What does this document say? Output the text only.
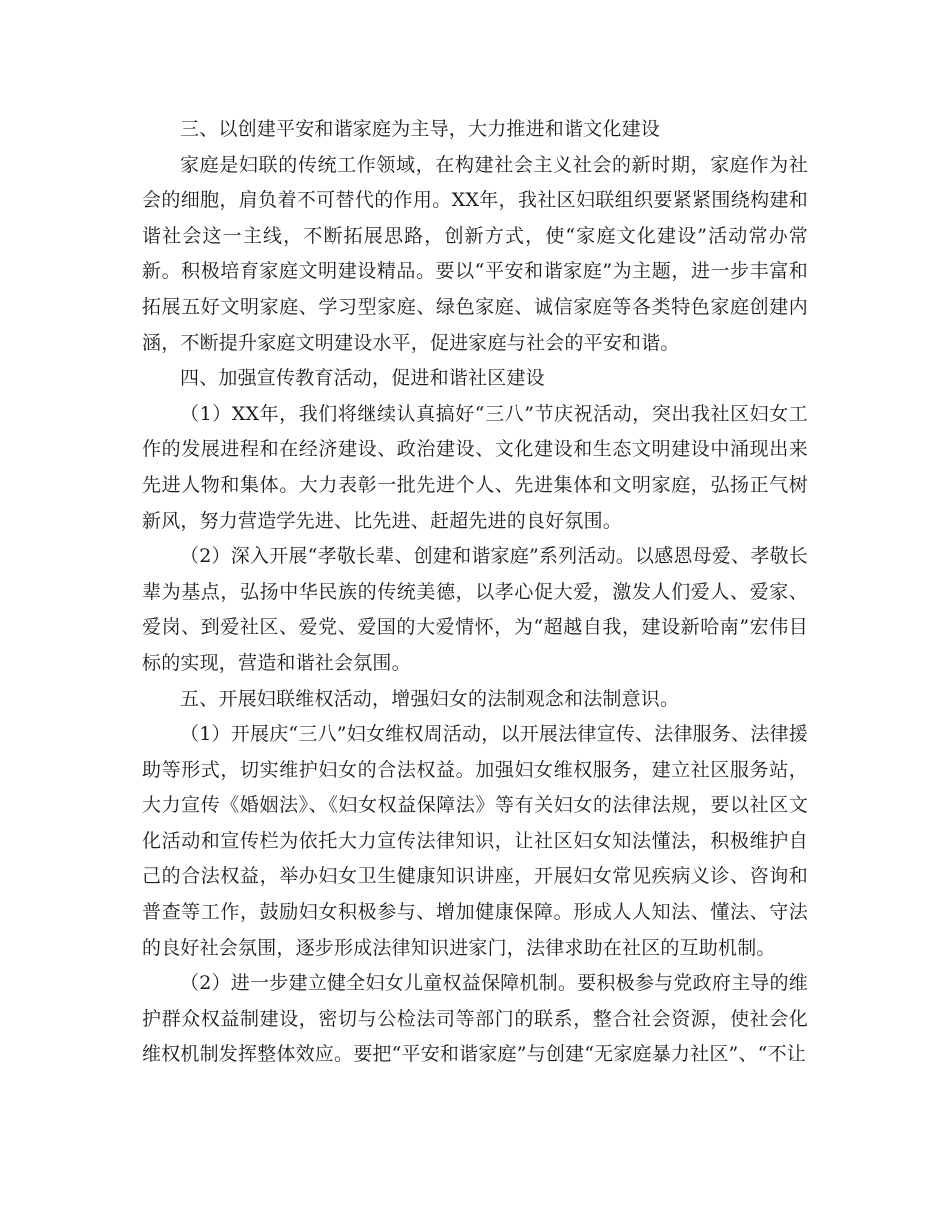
三、以创建平安和谐家庭为主导，大力推进和谐文化建设

家庭是妇联的传统工作领域，在构建社会主义社会的新时期，家庭作为社会的细胞，肩负着不可替代的作用。XX年，我社区妇联组织要紧紧围绕构建和谐社会这一主线，不断拓展思路，创新方式，使“家庭文化建设”活动常办常新。积极培育家庭文明建设精品。要以“平安和谐家庭”为主题，进一步丰富和拓展五好文明家庭、学习型家庭、绿色家庭、诚信家庭等各类特色家庭创建内涵，不断提升家庭文明建设水平，促进家庭与社会的平安和谐。

四、加强宣传教育活动，促进和谐社区建设

（1）XX年，我们将继续认真搞好“三八”节庆祝活动，突出我社区妇女工作的发展进程和在经济建设、政治建设、文化建设和生态文明建设中涌现出来先进人物和集体。大力表彰一批先进个人、先进集体和文明家庭，弘扬正气树新风，努力营造学先进、比先进、赶超先进的良好氛围。

（2）深入开展“孝敬长辈、创建和谐家庭”系列活动。以感恩母爱、孝敬长辈为基点，弘扬中华民族的传统美德，以孝心促大爱，激发人们爱人、爱家、爱岗、到爱社区、爱党、爱国的大爱情怀，为“超越自我，建设新哈南”宏伟目标的实现，营造和谐社会氛围。

五、开展妇联维权活动，增强妇女的法制观念和法制意识。

（1）开展庆“三八”妇女维权周活动，以开展法律宣传、法律服务、法律援助等形式，切实维护妇女的合法权益。加强妇女维权服务，建立社区服务站，大力宣传《婚姻法》、《妇女权益保障法》等有关妇女的法律法规，要以社区文化活动和宣传栏为依托大力宣传法律知识，让社区妇女知法懂法，积极维护自己的合法权益，举办妇女卫生健康知识讲座，开展妇女常见疾病义诊、咨询和普查等工作，鼓励妇女积极参与、增加健康保障。形成人人知法、懂法、守法的良好社会氛围，逐步形成法律知识进家门，法律求助在社区的互助机制。

（2）进一步建立健全妇女儿童权益保障机制。要积极参与党政府主导的维护群众权益制建设，密切与公检法司等部门的联系，整合社会资源，使社会化维权机制发挥整体效应。要把“平安和谐家庭”与创建“无家庭暴力社区”、“不让
